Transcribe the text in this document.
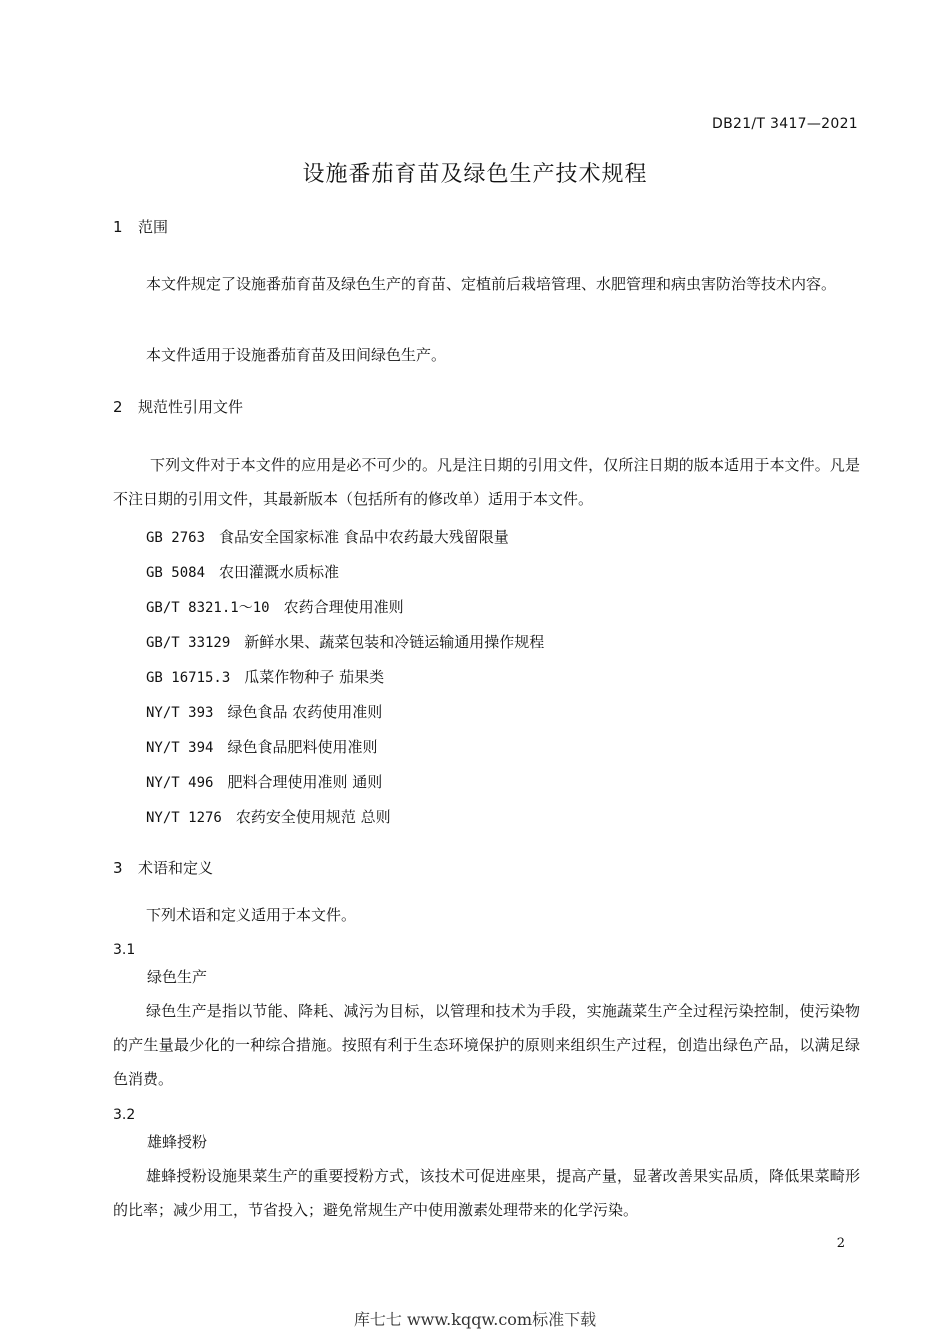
DB21/T 3417—2021
设施番茄育苗及绿色生产技术规程
1 范围

本文件规定了设施番茄育苗及绿色生产的育苗、定植前后栽培管理、水肥管理和病虫害防治等技术内容。

本文件适用于设施番茄育苗及田间绿色生产。

2 规范性引用文件

下列文件对于本文件的应用是必不可少的。凡是注日期的引用文件，仅所注日期的版本适用于本文件。凡是不注日期的引用文件，其最新版本（包括所有的修改单）适用于本文件。

GB 2763 食品安全国家标准 食品中农药最大残留限量
GB 5084 农田灌溉水质标准
GB/T 8321.1～10 农药合理使用准则
GB/T 33129 新鲜水果、蔬菜包装和冷链运输通用操作规程
GB 16715.3 瓜菜作物种子 茄果类
NY/T 393 绿色食品 农药使用准则
NY/T 394 绿色食品肥料使用准则
NY/T 496 肥料合理使用准则 通则
NY/T 1276 农药安全使用规范 总则
3 术语和定义

下列术语和定义适用于本文件。

3.1
绿色生产

绿色生产是指以节能、降耗、减污为目标，以管理和技术为手段，实施蔬菜生产全过程污染控制，使污染物的产生量最少化的一种综合措施。按照有利于生态环境保护的原则来组织生产过程，创造出绿色产品，以满足绿色消费。

3.2
雄蜂授粉

雄蜂授粉设施果菜生产的重要授粉方式，该技术可促进座果，提高产量，显著改善果实品质，降低果菜畸形的比率；减少用工，节省投入；避免常规生产中使用激素处理带来的化学污染。

2
库七七 www.kqqw.com标准下载
